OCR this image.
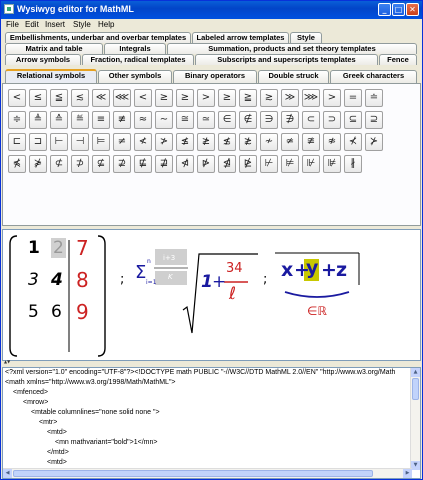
Wysiwyg editor for MathML	_	□ ✕
File Edit Insert Style Help
Embellishments, underbar and overbar templates	Labeled arrow templates	Style
Matrix and table	Integrals	Summation, products and set theory templates
Arrow symbols	Fraction, radical templates	Subscripts and superscripts templates	Fence
Relational symbols	Other symbols	Binary operators	Double struck	Greek characters
<	≤	≦	≲	≪ ⋘ <	≥	≥	>	≥	≧	≳	≫ ⋙ >	=	≐
≑	≜	≙	≝	≡	≢	≈	∼	≅	≃	∈	∉	∋	∌	⊂	⊃	⊆	⊇
⊏	⊐	⊢	⊣	⊨	≠	≮	≯	≰	≱	≴	≵	≁	≄	≇	≉	⊀	⊁
⋠	⋡	⊄	⊅	⊈	⊉	⋢	⋣	⋪	⋫	⋬	⋭	⊬	⊭	⊮	⊯	∦
1 2 7
3 4 8
5 6 9
; Σ
n
i=1
i+3
K 1 +
34
ℓ
; x +
y + z
∈ℝ
▲▼
<?xml version="1.0" encoding="UTF-8"?><!DOCTYPE math PUBLIC "-//W3C//DTD MathML 2.0//EN" "http://www.w3.org/Math
<math xmlns="http://www.w3.org/1998/Math/MathML">
<mfenced>
<mrow>
<mtable columnlines="none solid none ">
<mtr>
<mtd>
<mn mathvariant="bold">1</mn>
</mtd>
<mtd>
▲
▼
◀	▶
